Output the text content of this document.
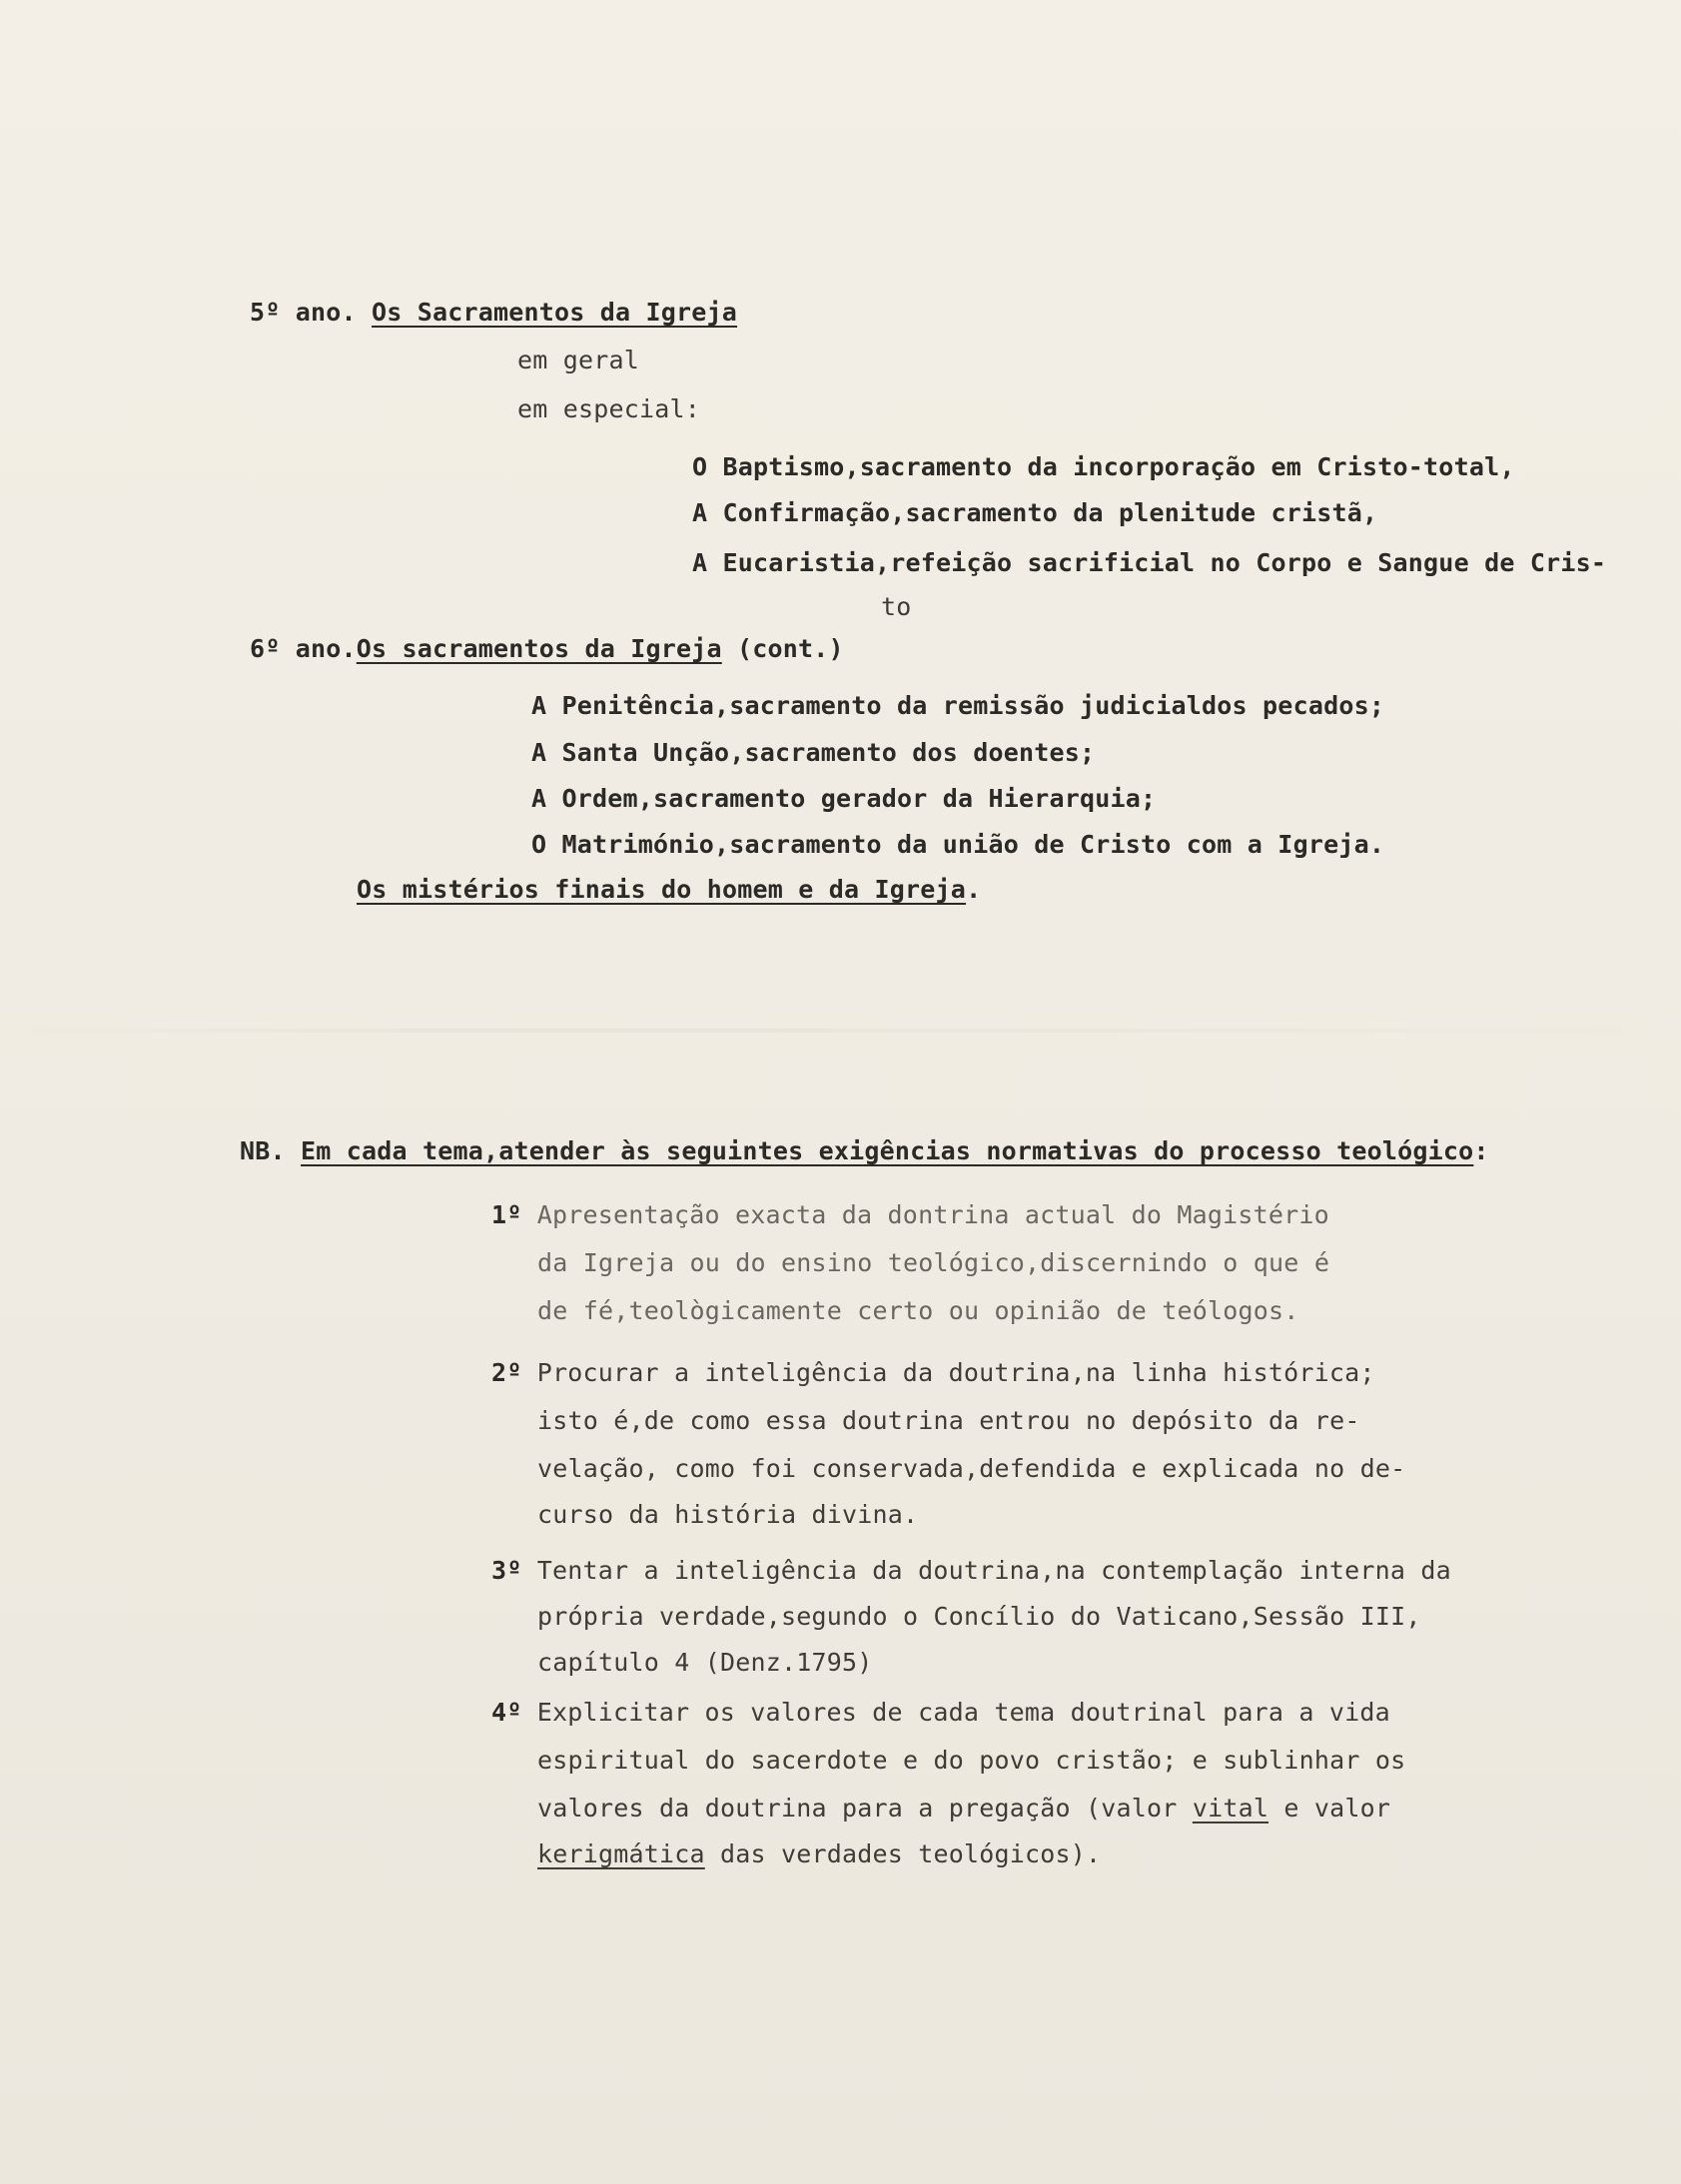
5º ano. Os Sacramentos da Igreja
em geral
em especial:
O Baptismo,sacramento da incorporação em Cristo-total,
A Confirmação,sacramento da plenitude cristã,
A Eucaristia,refeição sacrificial no Corpo e Sangue de Cris-
to
6º ano.Os sacramentos da Igreja (cont.)
A Penitência,sacramento da remissão judicialdos pecados;
A Santa Unção,sacramento dos doentes;
A Ordem,sacramento gerador da Hierarquia;
O Matrimónio,sacramento da união de Cristo com a Igreja.
Os mistérios finais do homem e da Igreja.
NB. Em cada tema,atender às seguintes exigências normativas do processo teológico:
1º Apresentação exacta da dontrina actual do Magistério
da Igreja ou do ensino teológico,discernindo o que é
de fé,teològicamente certo ou opinião de teólogos.
2º Procurar a inteligência da doutrina,na linha histórica;
isto é,de como essa doutrina entrou no depósito da re-
velação, como foi conservada,defendida e explicada no de-
curso da história divina.
3º Tentar a inteligência da doutrina,na contemplação interna da
própria verdade,segundo o Concílio do Vaticano,Sessão III,
capítulo 4 (Denz.1795)
4º Explicitar os valores de cada tema doutrinal para a vida
espiritual do sacerdote e do povo cristão; e sublinhar os
valores da doutrina para a pregação (valor vital e valor
kerigmática das verdades teológicos).
